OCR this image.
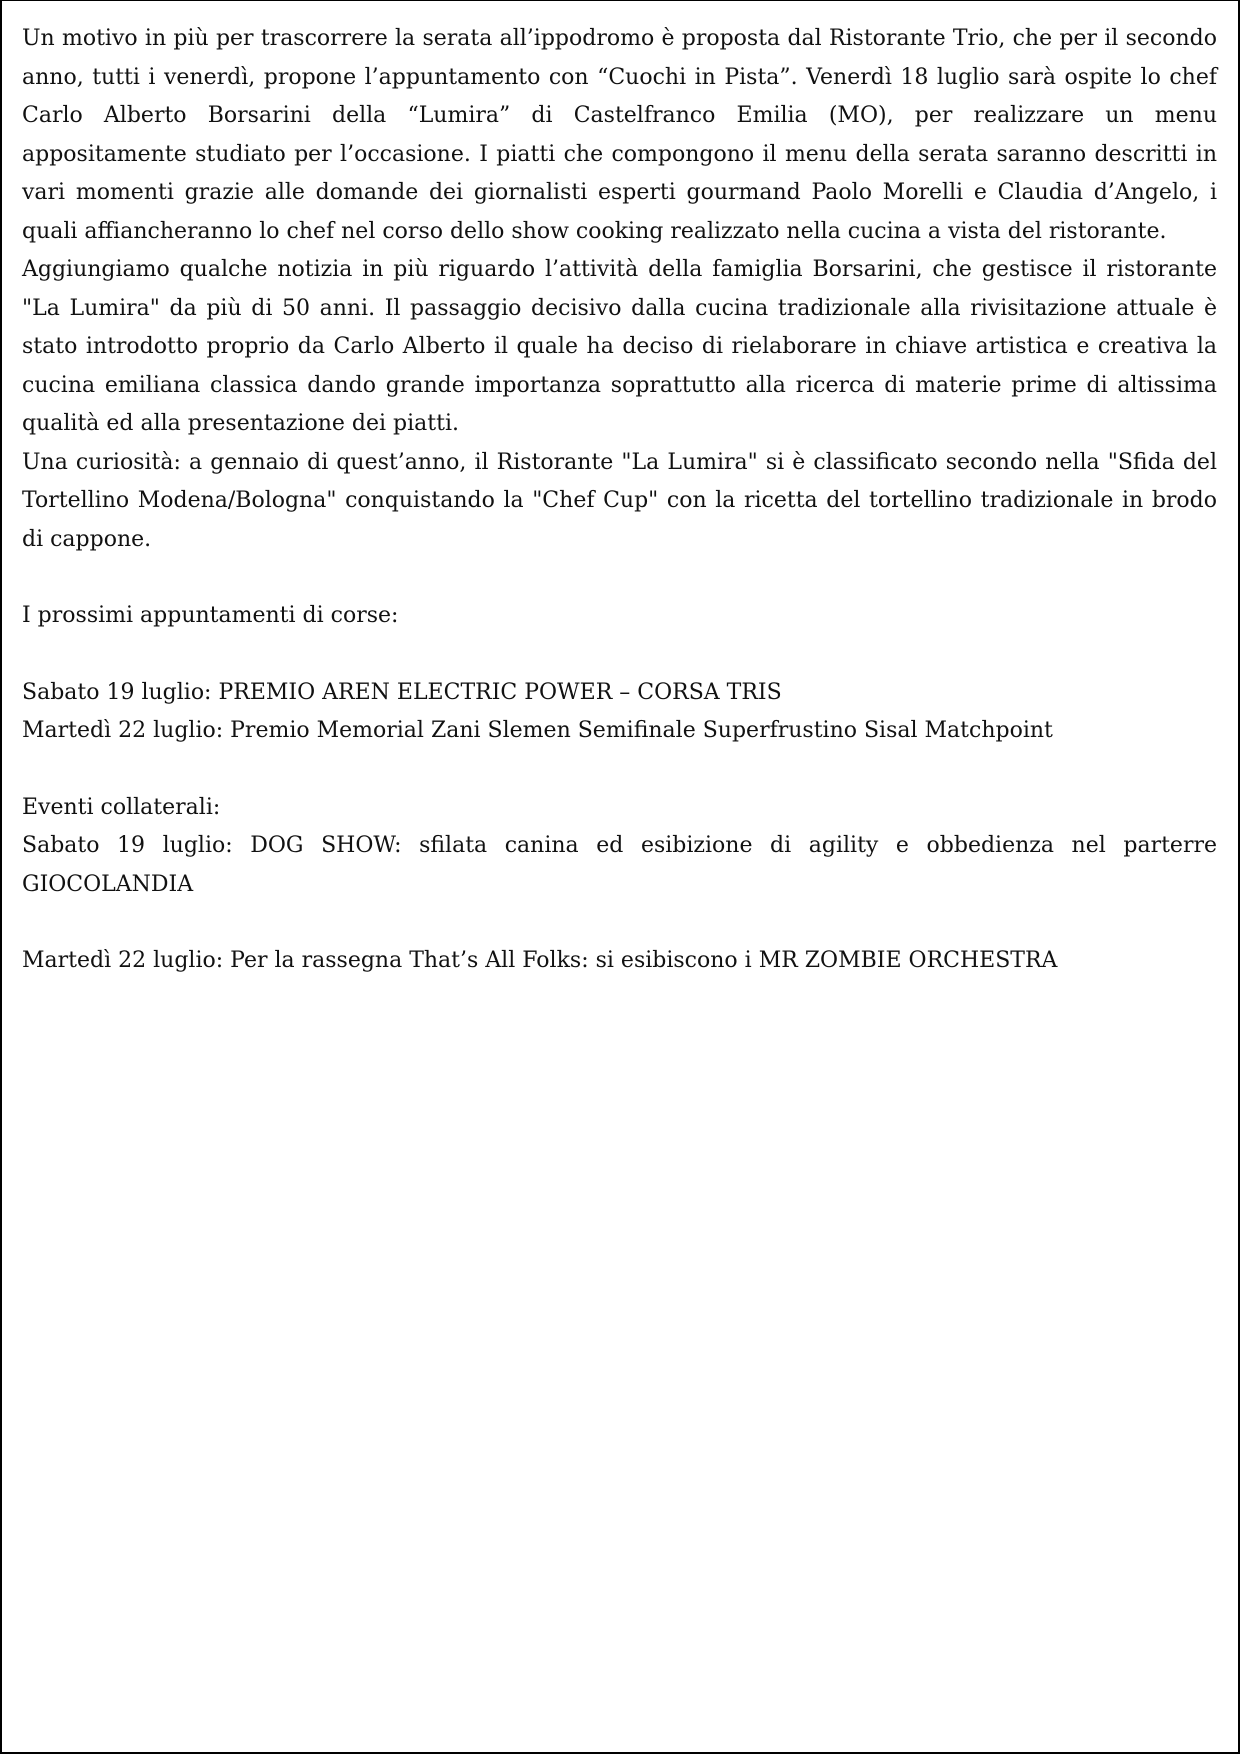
Un motivo in più per trascorrere la serata all’ippodromo è proposta dal Ristorante Trio, che per il secondo anno, tutti i venerdì, propone l’appuntamento con “Cuochi in Pista”. Venerdì 18 luglio sarà ospite lo chef Carlo Alberto Borsarini della “Lumira” di Castelfranco Emilia (MO), per realizzare un menu appositamente studiato per l’occasione. I piatti che compongono il menu della serata saranno descritti in vari momenti grazie alle domande dei giornalisti esperti gourmand Paolo Morelli e Claudia d’Angelo, i quali affiancheranno lo chef nel corso dello show cooking realizzato nella cucina a vista del ristorante.

Aggiungiamo qualche notizia in più riguardo l’attività della famiglia Borsarini, che gestisce il ristorante "La Lumira" da più di 50 anni. Il passaggio decisivo dalla cucina tradizionale alla rivisitazione attuale è stato introdotto proprio da Carlo Alberto il quale ha deciso di rielaborare in chiave artistica e creativa la cucina emiliana classica dando grande importanza soprattutto alla ricerca di materie prime di altissima qualità ed alla presentazione dei piatti.

Una curiosità: a gennaio di quest’anno, il Ristorante "La Lumira" si è classificato secondo nella "Sfida del Tortellino Modena/Bologna" conquistando la "Chef Cup" con la ricetta del tortellino tradizionale in brodo di cappone.

I prossimi appuntamenti di corse:

Sabato 19 luglio: PREMIO AREN ELECTRIC POWER – CORSA TRIS

Martedì 22 luglio: Premio Memorial Zani Slemen Semifinale Superfrustino Sisal Matchpoint

Eventi collaterali:

Sabato 19 luglio: DOG SHOW: sfilata canina ed esibizione di agility e obbedienza nel parterre GIOCOLANDIA

Martedì 22 luglio: Per la rassegna That’s All Folks: si esibiscono i MR ZOMBIE ORCHESTRA
